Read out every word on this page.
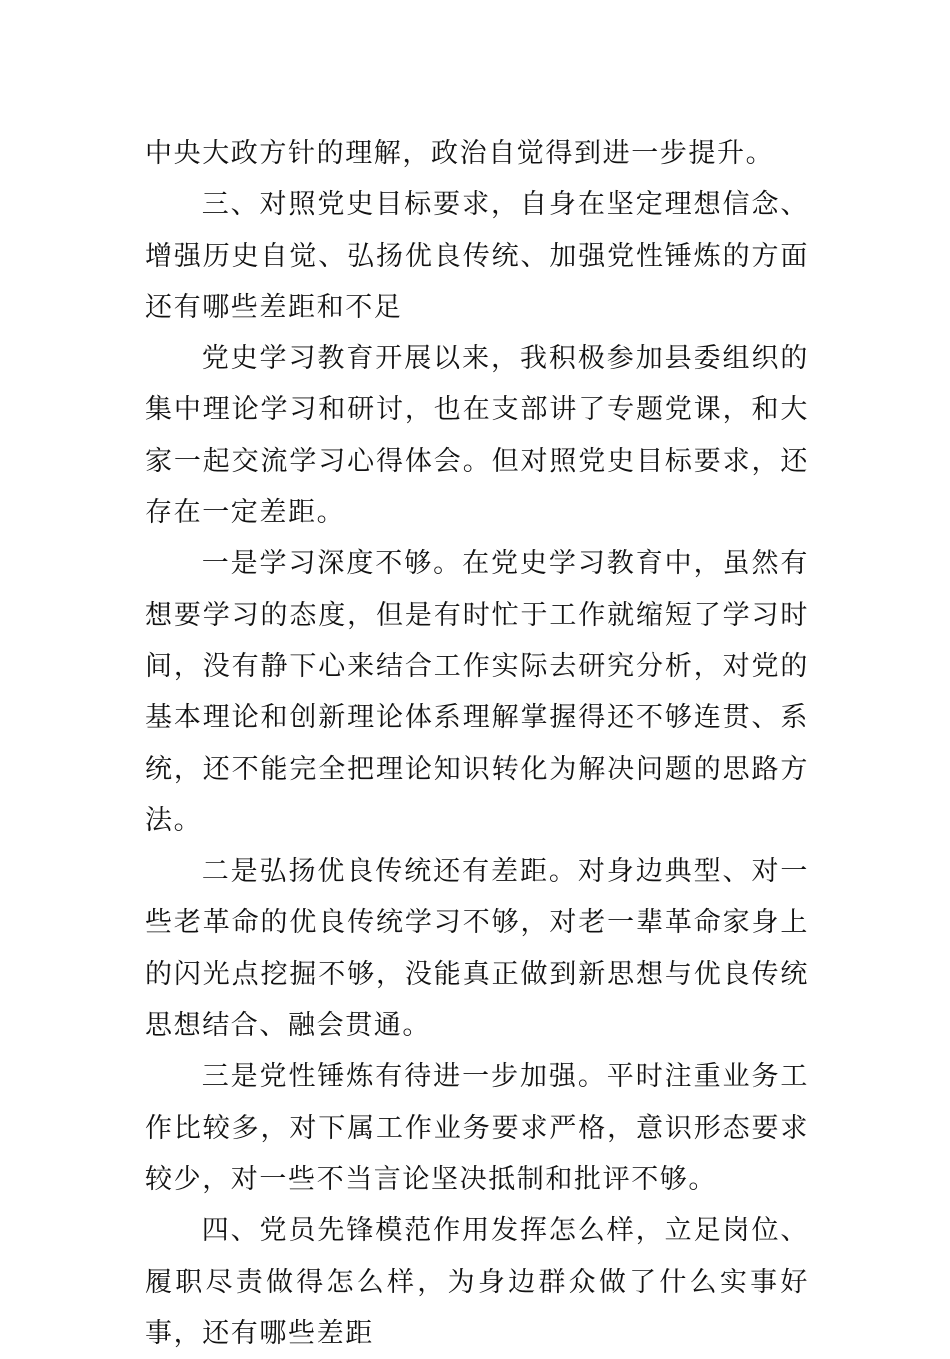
中央大政方针的理解，政治自觉得到进一步提升。

三、对照党史目标要求，自身在坚定理想信念、增强历史自觉、弘扬优良传统、加强党性锤炼的方面还有哪些差距和不足

党史学习教育开展以来，我积极参加县委组织的集中理论学习和研讨，也在支部讲了专题党课，和大家一起交流学习心得体会。但对照党史目标要求，还存在一定差距。

一是学习深度不够。在党史学习教育中，虽然有想要学习的态度，但是有时忙于工作就缩短了学习时间，没有静下心来结合工作实际去研究分析，对党的基本理论和创新理论体系理解掌握得还不够连贯、系统，还不能完全把理论知识转化为解决问题的思路方法。

二是弘扬优良传统还有差距。对身边典型、对一些老革命的优良传统学习不够，对老一辈革命家身上的闪光点挖掘不够，没能真正做到新思想与优良传统思想结合、融会贯通。

三是党性锤炼有待进一步加强。平时注重业务工作比较多，对下属工作业务要求严格，意识形态要求较少，对一些不当言论坚决抵制和批评不够。

四、党员先锋模范作用发挥怎么样，立足岗位、履职尽责做得怎么样，为身边群众做了什么实事好事，还有哪些差距
